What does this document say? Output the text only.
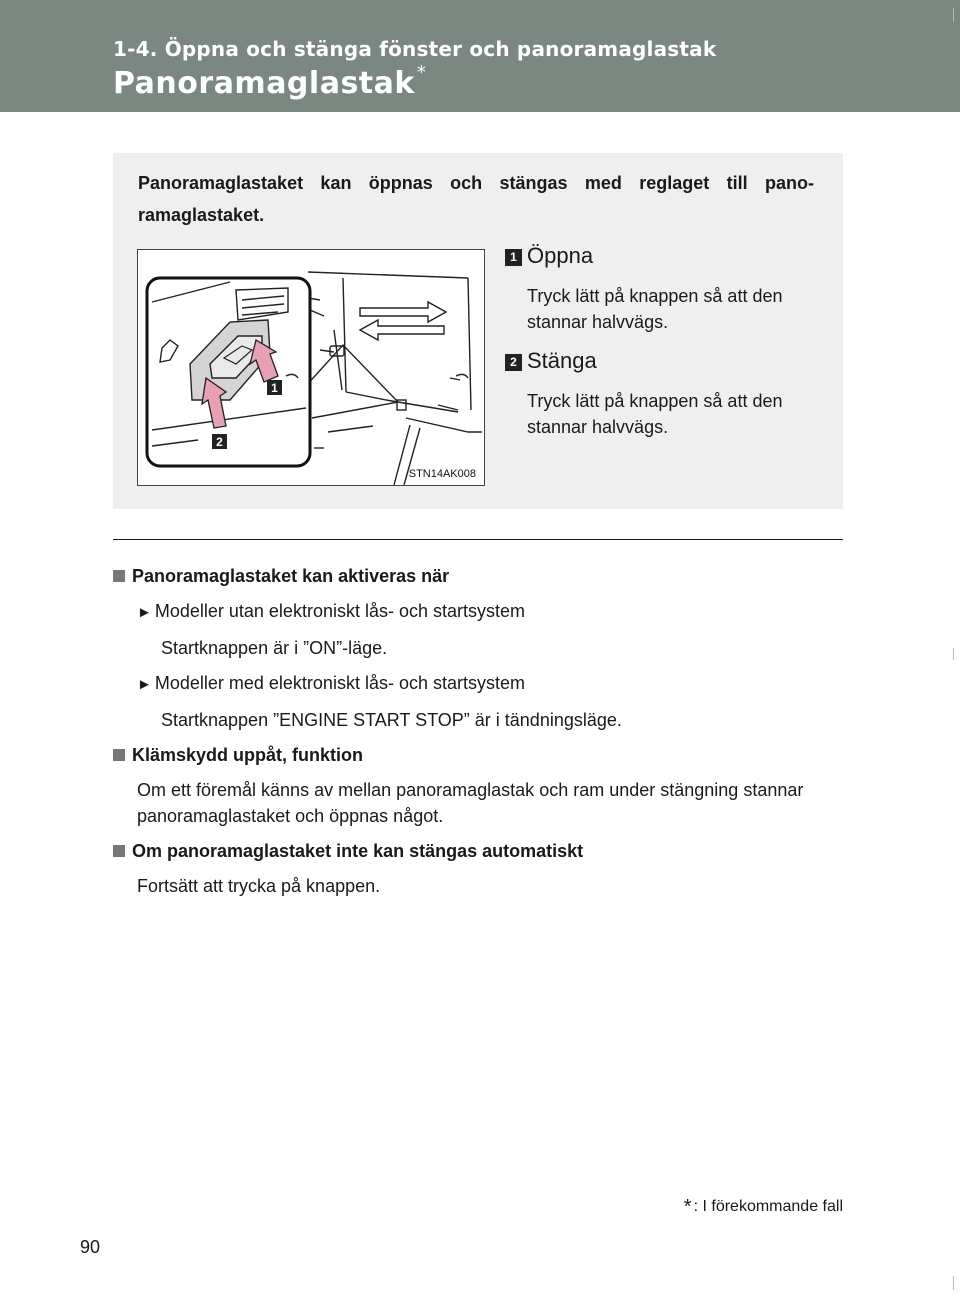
1-4. Öppna och stänga fönster och panoramaglastak
Panoramaglastak *

Panoramaglastaket kan öppnas och stängas med reglaget till pano-ramaglastaket.

1
2
STN14AK008
1 Öppna

Tryck lätt på knappen så att den stannar halvvägs.

2 Stänga

Tryck lätt på knappen så att den stannar halvvägs.

Panoramaglastaket kan aktiveras när

► Modeller utan elektroniskt lås- och startsystem

Startknappen är i ”ON”-läge.

► Modeller med elektroniskt lås- och startsystem

Startknappen ”ENGINE START STOP” är i tändningsläge.

Klämskydd uppåt, funktion

Om ett föremål känns av mellan panoramaglastak och ram under stängning stannar panoramaglastaket och öppnas något.

Om panoramaglastaket inte kan stängas automatiskt

Fortsätt att trycka på knappen.

* : I förekommande fall
90
